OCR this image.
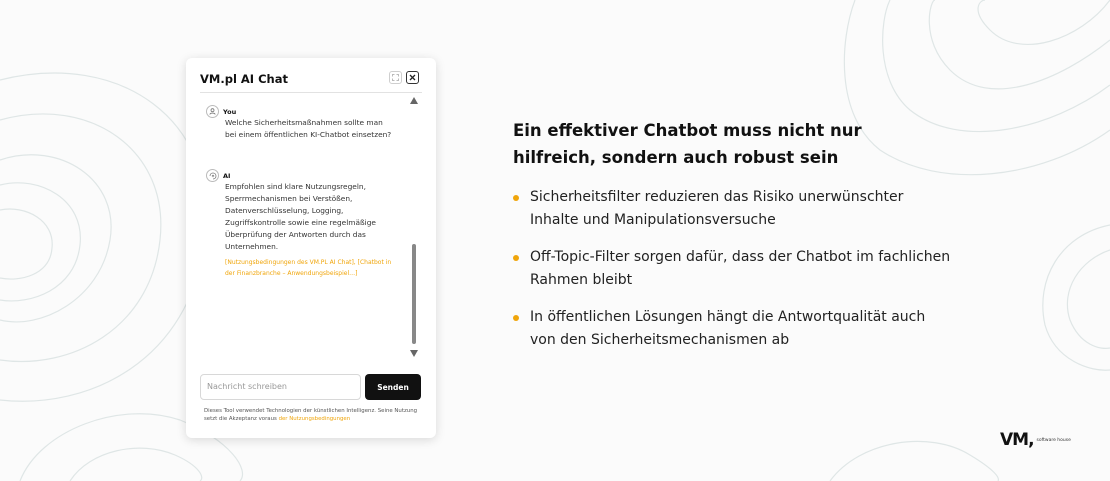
VM.pl AI Chat
You
Welche Sicherheitsmaßnahmen sollte man bei einem öffentlichen KI-Chatbot einsetzen?
AI
Empfohlen sind klare Nutzungsregeln, Sperrmechanismen bei Verstößen, Datenverschlüsselung, Logging, Zugriffskontrolle sowie eine regelmäßige Überprüfung der Antworten durch das Unternehmen.
[Nutzungsbedingungen des VM.PL AI Chat], [Chatbot in der Finanzbranche – Anwendungsbeispiel…]
Nachricht schreiben	Senden
Dieses Tool verwendet Technologien der künstlichen Intelligenz. Seine Nutzung setzt die Akzeptanz voraus der Nutzungsbedingungen
Ein effektiver Chatbot muss nicht nur hilfreich, sondern auch robust sein
Sicherheitsfilter reduzieren das Risiko unerwünschter Inhalte und Manipulationsversuche
Off-Topic-Filter sorgen dafür, dass der Chatbot im fachlichen Rahmen bleibt
In öffentlichen Lösungen hängt die Antwortqualität auch von den Sicherheitsmechanismen ab
VM, software house
